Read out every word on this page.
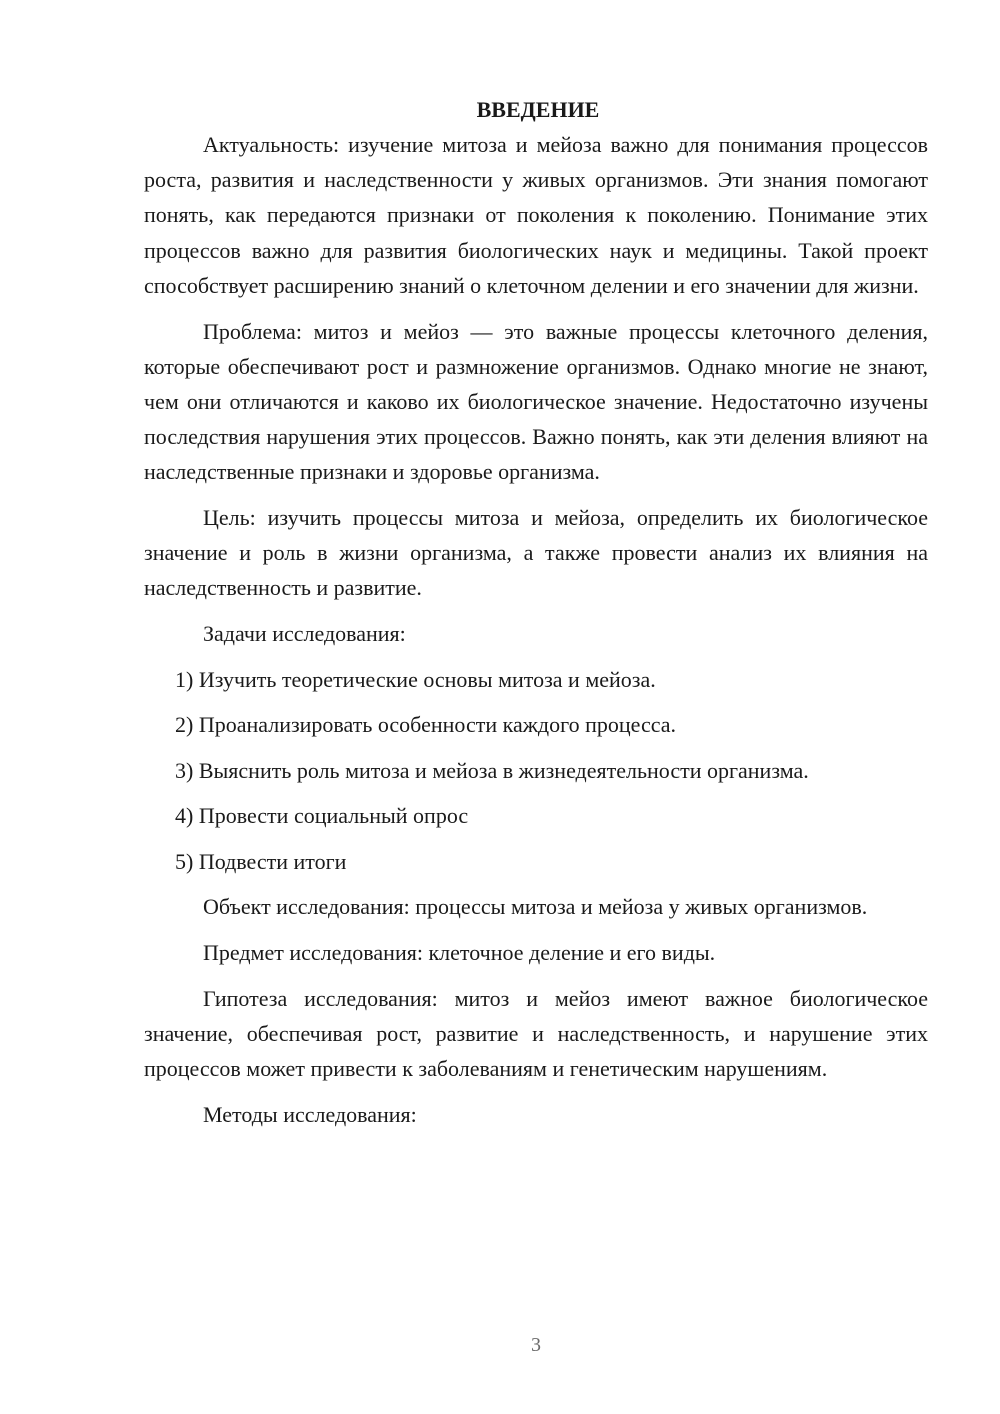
ВВЕДЕНИЕ

Актуальность: изучение митоза и мейоза важно для понимания процессов роста, развития и наследственности у живых организмов. Эти знания помогают понять, как передаются признаки от поколения к поколению. Понимание этих процессов важно для развития биологических наук и медицины. Такой проект способствует расширению знаний о клеточном делении и его значении для жизни.

Проблема: митоз и мейоз — это важные процессы клеточного деления, которые обеспечивают рост и размножение организмов. Однако многие не знают, чем они отличаются и каково их биологическое значение. Недостаточно изучены последствия нарушения этих процессов. Важно понять, как эти деления влияют на наследственные признаки и здоровье организма.

Цель: изучить процессы митоза и мейоза, определить их биологическое значение и роль в жизни организма, а также провести анализ их влияния на наследственность и развитие.

Задачи исследования:
1) Изучить теоретические основы митоза и мейоза.
2) Проанализировать особенности каждого процесса.
3) Выяснить роль митоза и мейоза в жизнедеятельности организма.
4) Провести социальный опрос
5) Подвести итоги

Объект исследования: процессы митоза и мейоза у живых организмов.

Предмет исследования: клеточное деление и его виды.

Гипотеза исследования: митоз и мейоз имеют важное биологическое значение, обеспечивая рост, развитие и наследственность, и нарушение этих процессов может привести к заболеваниям и генетическим нарушениям.

Методы исследования:
3
